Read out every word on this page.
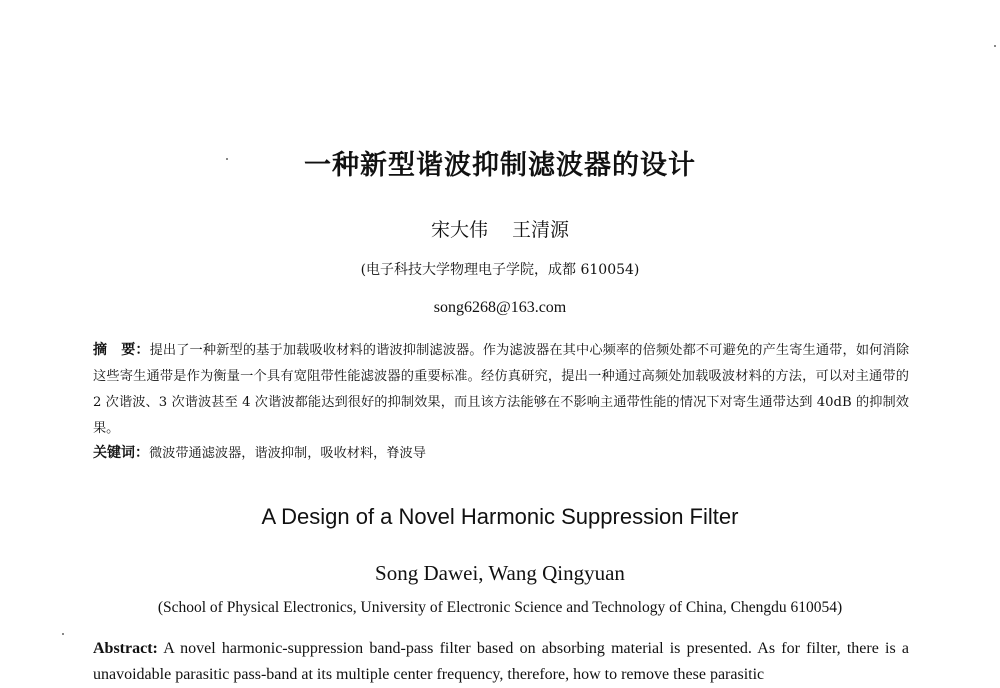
一种新型谐波抑制滤波器的设计
宋大伟 王清源
(电子科技大学物理电子学院，成都 610054)
song6268@163.com
摘　要：提出了一种新型的基于加载吸收材料的谐波抑制滤波器。作为滤波器在其中心频率的倍频处都不可避免的产生寄生通带，如何消除这些寄生通带是作为衡量一个具有宽阻带性能滤波器的重要标准。经仿真研究，提出一种通过高频处加载吸波材料的方法，可以对主通带的 2 次谐波、3 次谐波甚至 4 次谐波都能达到很好的抑制效果，而且该方法能够在不影响主通带性能的情况下对寄生通带达到 40dB 的抑制效果。
关键词：微波带通滤波器，谐波抑制，吸收材料，脊波导
A Design of a Novel Harmonic Suppression Filter
Song Dawei, Wang Qingyuan
(School of Physical Electronics, University of Electronic Science and Technology of China, Chengdu 610054)
Abstract: A novel harmonic-suppression band-pass filter based on absorbing material is presented. As for filter, there is a unavoidable parasitic pass-band at its multiple center frequency, therefore, how to remove these parasitic
